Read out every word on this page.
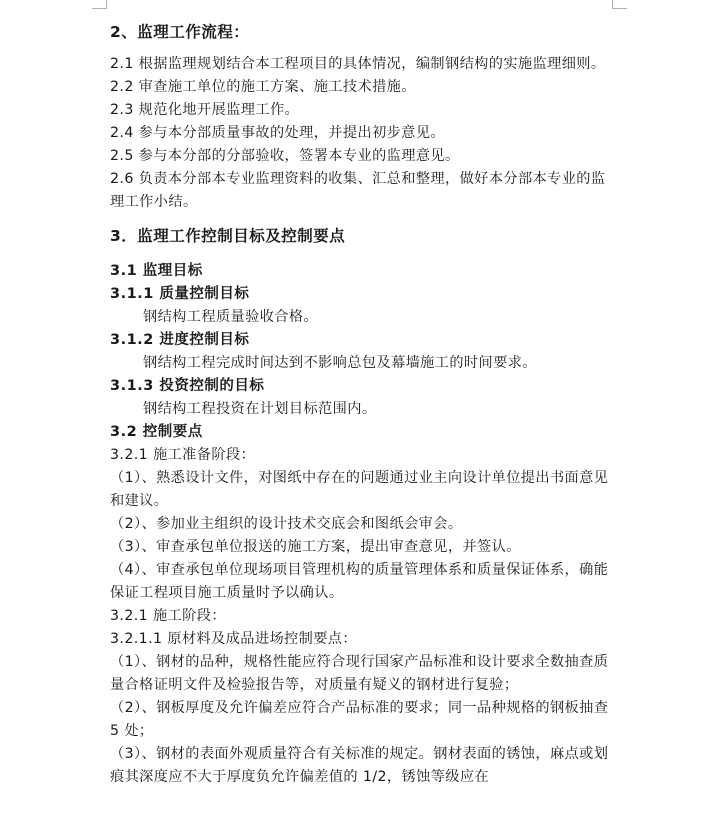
2、监理工作流程：

2.1 根据监理规划结合本工程项目的具体情况，编制钢结构的实施监理细则。

2.2 审查施工单位的施工方案、施工技术措施。

2.3 规范化地开展监理工作。

2.4 参与本分部质量事故的处理，并提出初步意见。

2.5 参与本分部的分部验收，签署本专业的监理意见。

2.6 负责本分部本专业监理资料的收集、汇总和整理，做好本分部本专业的监理工作小结。

3．监理工作控制目标及控制要点

3.1 监理目标

3.1.1 质量控制目标

钢结构工程质量验收合格。

3.1.2 进度控制目标

钢结构工程完成时间达到不影响总包及幕墙施工的时间要求。

3.1.3 投资控制的目标

钢结构工程投资在计划目标范围内。

3.2 控制要点

3.2.1 施工准备阶段：

（1）、熟悉设计文件，对图纸中存在的问题通过业主向设计单位提出书面意见和建议。

（2）、参加业主组织的设计技术交底会和图纸会审会。

（3）、审查承包单位报送的施工方案，提出审查意见，并签认。

（4）、审查承包单位现场项目管理机构的质量管理体系和质量保证体系，确能保证工程项目施工质量时予以确认。

3.2.1 施工阶段：

3.2.1.1 原材料及成品进场控制要点：

（1）、钢材的品种，规格性能应符合现行国家产品标准和设计要求全数抽查质量合格证明文件及检验报告等，对质量有疑义的钢材进行复验；

（2）、钢板厚度及允许偏差应符合产品标准的要求；同一品种规格的钢板抽查 5 处；

（3）、钢材的表面外观质量符合有关标准的规定。钢材表面的锈蚀，麻点或划痕其深度应不大于厚度负允许偏差值的 1/2，锈蚀等级应在
